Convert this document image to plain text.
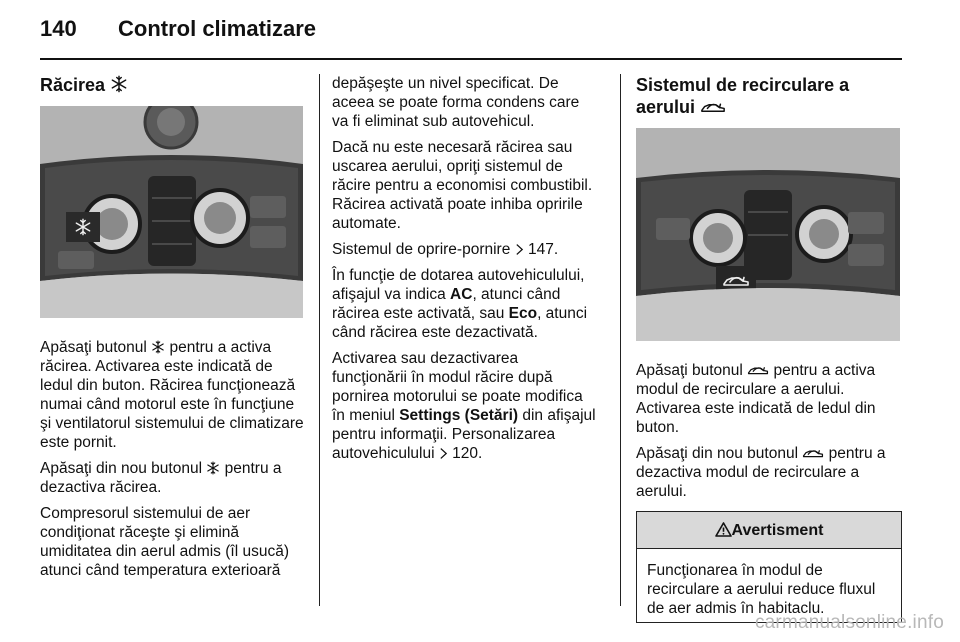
140 Control climatizare
Răcirea

Apăsaţi butonul  pentru a activa răcirea. Activarea este indicată de ledul din buton. Răcirea funcţionează numai când motorul este în funcţiune şi ventilatorul sistemului de climatizare este pornit.

Apăsaţi din nou butonul  pentru a dezactiva răcirea.

Compresorul sistemului de aer condiţionat răceşte şi elimină umiditatea din aerul admis (îl usucă) atunci când temperatura exterioară

depăşeşte un nivel specificat. De aceea se poate forma condens care va fi eliminat sub autovehicul.

Dacă nu este necesară răcirea sau uscarea aerului, opriţi sistemul de răcire pentru a economisi combustibil. Răcirea activată poate inhiba opririle automate.

Sistemul de oprire-pornire  147.

În funcţie de dotarea autovehiculului, afişajul va indica AC, atunci când răcirea este activată, sau Eco, atunci când răcirea este dezactivată.

Activarea sau dezactivarea funcţionării în modul răcire după pornirea motorului se poate modifica în meniul Settings (Setări) din afişajul pentru informaţii. Personalizarea autovehiculului  120.

Sistemul de recirculare a aerului

Apăsaţi butonul  pentru a activa modul de recirculare a aerului. Activarea este indicată de ledul din buton.

Apăsaţi din nou butonul  pentru a dezactiva modul de recirculare a aerului.

Avertisment
Funcţionarea în modul de recirculare a aerului reduce fluxul de aer admis în habitaclu.
carmanualsonline.info
